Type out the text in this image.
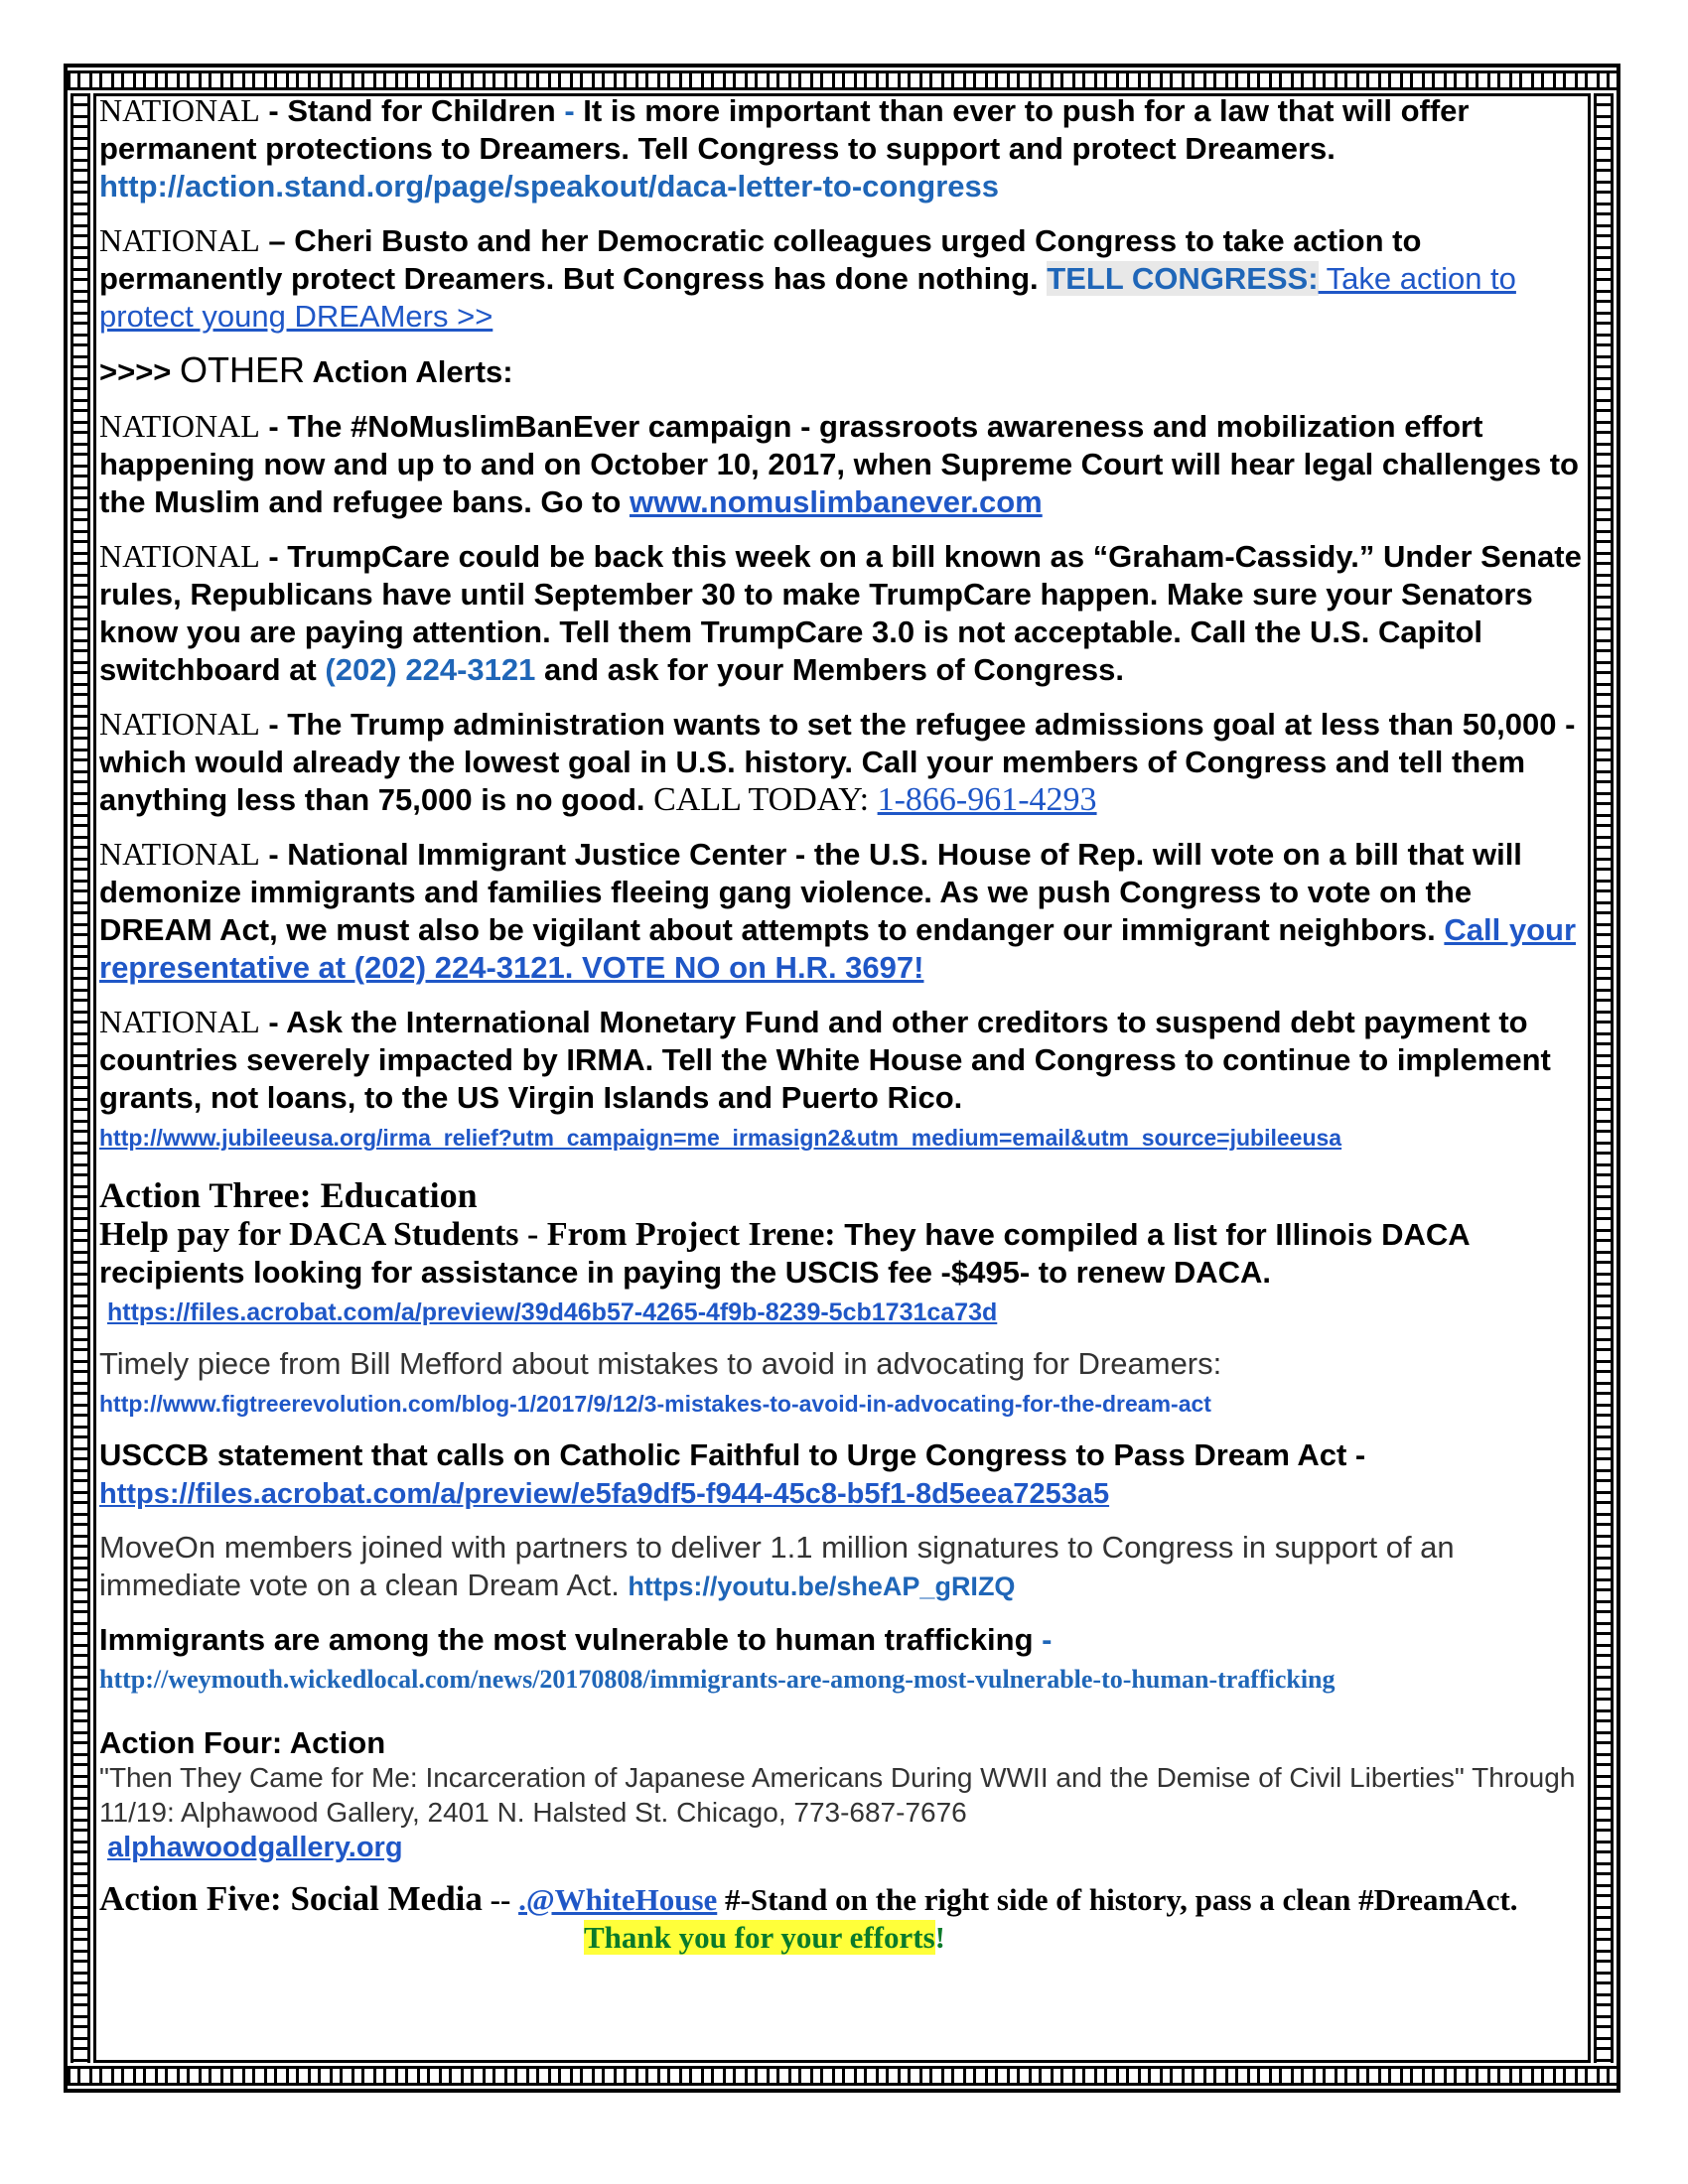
NATIONAL - Stand for Children - It is more important than ever to push for a law that will offer permanent protections to Dreamers. Tell Congress to support and protect Dreamers.
http://action.stand.org/page/speakout/daca-letter-to-congress

NATIONAL – Cheri Busto and her Democratic colleagues urged Congress to take action to permanently protect Dreamers. But Congress has done nothing. TELL CONGRESS: Take action to protect young DREAMers >>

>>>> OTHER Action Alerts:

NATIONAL - The #NoMuslimBanEver campaign - grassroots awareness and mobilization effort happening now and up to and on October 10, 2017, when Supreme Court will hear legal challenges to the Muslim and refugee bans. Go to www.nomuslimbanever.com

NATIONAL - TrumpCare could be back this week on a bill known as “Graham-Cassidy.” Under Senate rules, Republicans have until September 30 to make TrumpCare happen. Make sure your Senators know you are paying attention. Tell them TrumpCare 3.0 is not acceptable. Call the U.S. Capitol switchboard at (202) 224-3121 and ask for your Members of Congress.

NATIONAL - The Trump administration wants to set the refugee admissions goal at less than 50,000 - which would already the lowest goal in U.S. history. Call your members of Congress and tell them anything less than 75,000 is no good. CALL TODAY: 1-866-961-4293

NATIONAL - National Immigrant Justice Center - the U.S. House of Rep. will vote on a bill that will demonize immigrants and families fleeing gang violence. As we push Congress to vote on the DREAM Act, we must also be vigilant about attempts to endanger our immigrant neighbors. Call your representative at (202) 224-3121. VOTE NO on H.R. 3697!

NATIONAL - Ask the International Monetary Fund and other creditors to suspend debt payment to countries severely impacted by IRMA. Tell the White House and Congress to continue to implement grants, not loans, to the US Virgin Islands and Puerto Rico.
http://www.jubileeusa.org/irma_relief?utm_campaign=me_irmasign2&utm_medium=email&utm_source=jubileeusa

Action Three: Education
Help pay for DACA Students - From Project Irene: They have compiled a list for Illinois DACA recipients looking for assistance in paying the USCIS fee -$495- to renew DACA.
https://files.acrobat.com/a/preview/39d46b57-4265-4f9b-8239-5cb1731ca73d

Timely piece from Bill Mefford about mistakes to avoid in advocating for Dreamers:
http://www.figtreerevolution.com/blog-1/2017/9/12/3-mistakes-to-avoid-in-advocating-for-the-dream-act

USCCB statement that calls on Catholic Faithful to Urge Congress to Pass Dream Act -
https://files.acrobat.com/a/preview/e5fa9df5-f944-45c8-b5f1-8d5eea7253a5

MoveOn members joined with partners to deliver 1.1 million signatures to Congress in support of an immediate vote on a clean Dream Act. https://youtu.be/sheAP_gRIZQ

Immigrants are among the most vulnerable to human trafficking -
http://weymouth.wickedlocal.com/news/20170808/immigrants-are-among-most-vulnerable-to-human-trafficking

Action Four: Action
"Then They Came for Me: Incarceration of Japanese Americans During WWII and the Demise of Civil Liberties" Through 11/19: Alphawood Gallery, 2401 N. Halsted St. Chicago, 773-687-7676
alphawoodgallery.org

Action Five: Social Media -- .@WhiteHouse #-Stand on the right side of history, pass a clean #DreamAct.
Thank you for your efforts!
